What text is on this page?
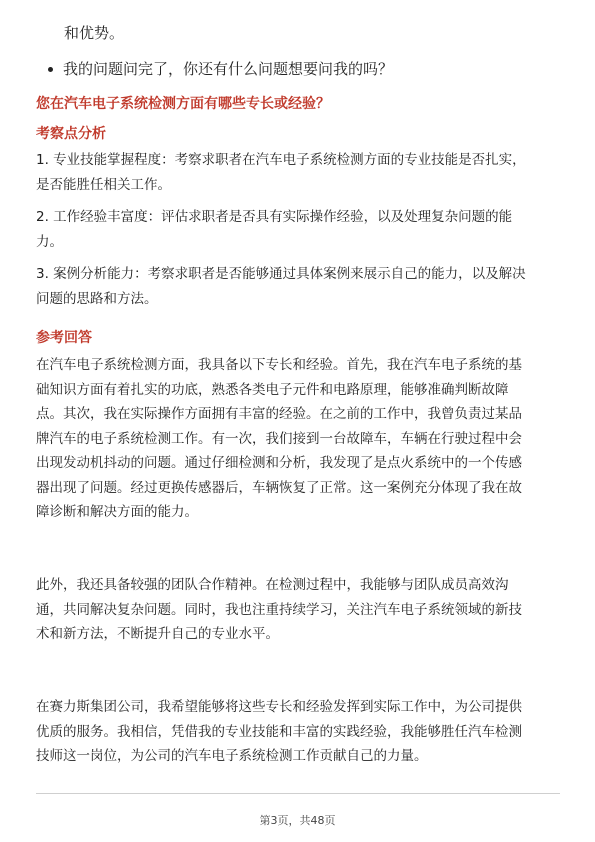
和优势。

我的问题问完了，你还有什么问题想要问我的吗？

您在汽车电子系统检测方面有哪些专长或经验？

考察点分析

1. 专业技能掌握程度：考察求职者在汽车电子系统检测方面的专业技能是否扎实，
是否能胜任相关工作。

2. 工作经验丰富度：评估求职者是否具有实际操作经验，以及处理复杂问题的能
力。

3. 案例分析能力：考察求职者是否能够通过具体案例来展示自己的能力，以及解决
问题的思路和方法。

参考回答

在汽车电子系统检测方面，我具备以下专长和经验。首先，我在汽车电子系统的基
础知识方面有着扎实的功底，熟悉各类电子元件和电路原理，能够准确判断故障
点。其次，我在实际操作方面拥有丰富的经验。在之前的工作中，我曾负责过某品
牌汽车的电子系统检测工作。有一次，我们接到一台故障车，车辆在行驶过程中会
出现发动机抖动的问题。通过仔细检测和分析，我发现了是点火系统中的一个传感
器出现了问题。经过更换传感器后，车辆恢复了正常。这一案例充分体现了我在故
障诊断和解决方面的能力。

此外，我还具备较强的团队合作精神。在检测过程中，我能够与团队成员高效沟
通，共同解决复杂问题。同时，我也注重持续学习，关注汽车电子系统领域的新技
术和新方法，不断提升自己的专业水平。

在赛力斯集团公司，我希望能够将这些专长和经验发挥到实际工作中，为公司提供
优质的服务。我相信，凭借我的专业技能和丰富的实践经验，我能够胜任汽车检测
技师这一岗位，为公司的汽车电子系统检测工作贡献自己的力量。

第3页，共48页
